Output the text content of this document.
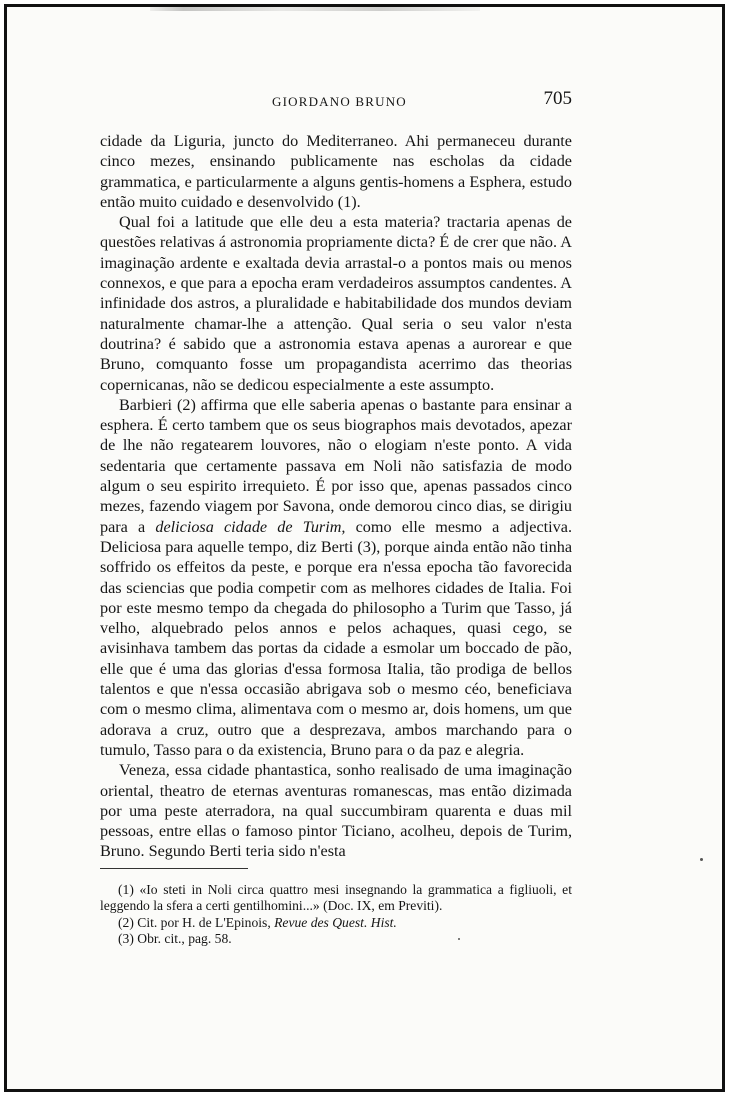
GIORDANO BRUNO	705

cidade da Liguria, juncto do Mediterraneo. Ahi permaneceu durante cinco mezes, ensinando publicamente nas escholas da cidade grammatica, e particularmente a alguns gentis-homens a Esphera, estudo então muito cuidado e desenvolvido (1).

Qual foi a latitude que elle deu a esta materia? tractaria apenas de questões relativas á astronomia propriamente dicta? É de crer que não. A imaginação ardente e exaltada devia arrastal-o a pontos mais ou menos connexos, e que para a epocha eram verdadeiros assumptos candentes. A infinidade dos astros, a pluralidade e habitabilidade dos mundos deviam naturalmente chamar-lhe a attenção. Qual seria o seu valor n'esta doutrina? é sabido que a astronomia estava apenas a aurorear e que Bruno, comquanto fosse um propagandista acerrimo das theorias copernicanas, não se dedicou especialmente a este assumpto.

Barbieri (2) affirma que elle saberia apenas o bastante para ensinar a esphera. É certo tambem que os seus biographos mais devotados, apezar de lhe não regatearem louvores, não o elogiam n'este ponto. A vida sedentaria que certamente passava em Noli não satisfazia de modo algum o seu espirito irrequieto. É por isso que, apenas passados cinco mezes, fazendo viagem por Savona, onde demorou cinco dias, se dirigiu para a deliciosa cidade de Turim, como elle mesmo a adjectiva. Deliciosa para aquelle tempo, diz Berti (3), porque ainda então não tinha soffrido os effeitos da peste, e porque era n'essa epocha tão favorecida das sciencias que podia competir com as melhores cidades de Italia. Foi por este mesmo tempo da chegada do philosopho a Turim que Tasso, já velho, alquebrado pelos annos e pelos achaques, quasi cego, se avisinhava tambem das portas da cidade a esmolar um boccado de pão, elle que é uma das glorias d'essa formosa Italia, tão prodiga de bellos talentos e que n'essa occasião abrigava sob o mesmo céo, beneficiava com o mesmo clima, alimentava com o mesmo ar, dois homens, um que adorava a cruz, outro que a desprezava, ambos marchando para o tumulo, Tasso para o da existencia, Bruno para o da paz e alegria.

Veneza, essa cidade phantastica, sonho realisado de uma imaginação oriental, theatro de eternas aventuras romanescas, mas então dizimada por uma peste aterradora, na qual succumbiram quarenta e duas mil pessoas, entre ellas o famoso pintor Ticiano, acolheu, depois de Turim, Bruno. Segundo Berti teria sido n'esta

(1) «Io steti in Noli circa quattro mesi insegnando la grammatica a figliuoli, et leggendo la sfera a certi gentilhomini...» (Doc. IX, em Previti).

(2) Cit. por H. de L'Epinois, Revue des Quest. Hist.

(3) Obr. cit., pag. 58.
